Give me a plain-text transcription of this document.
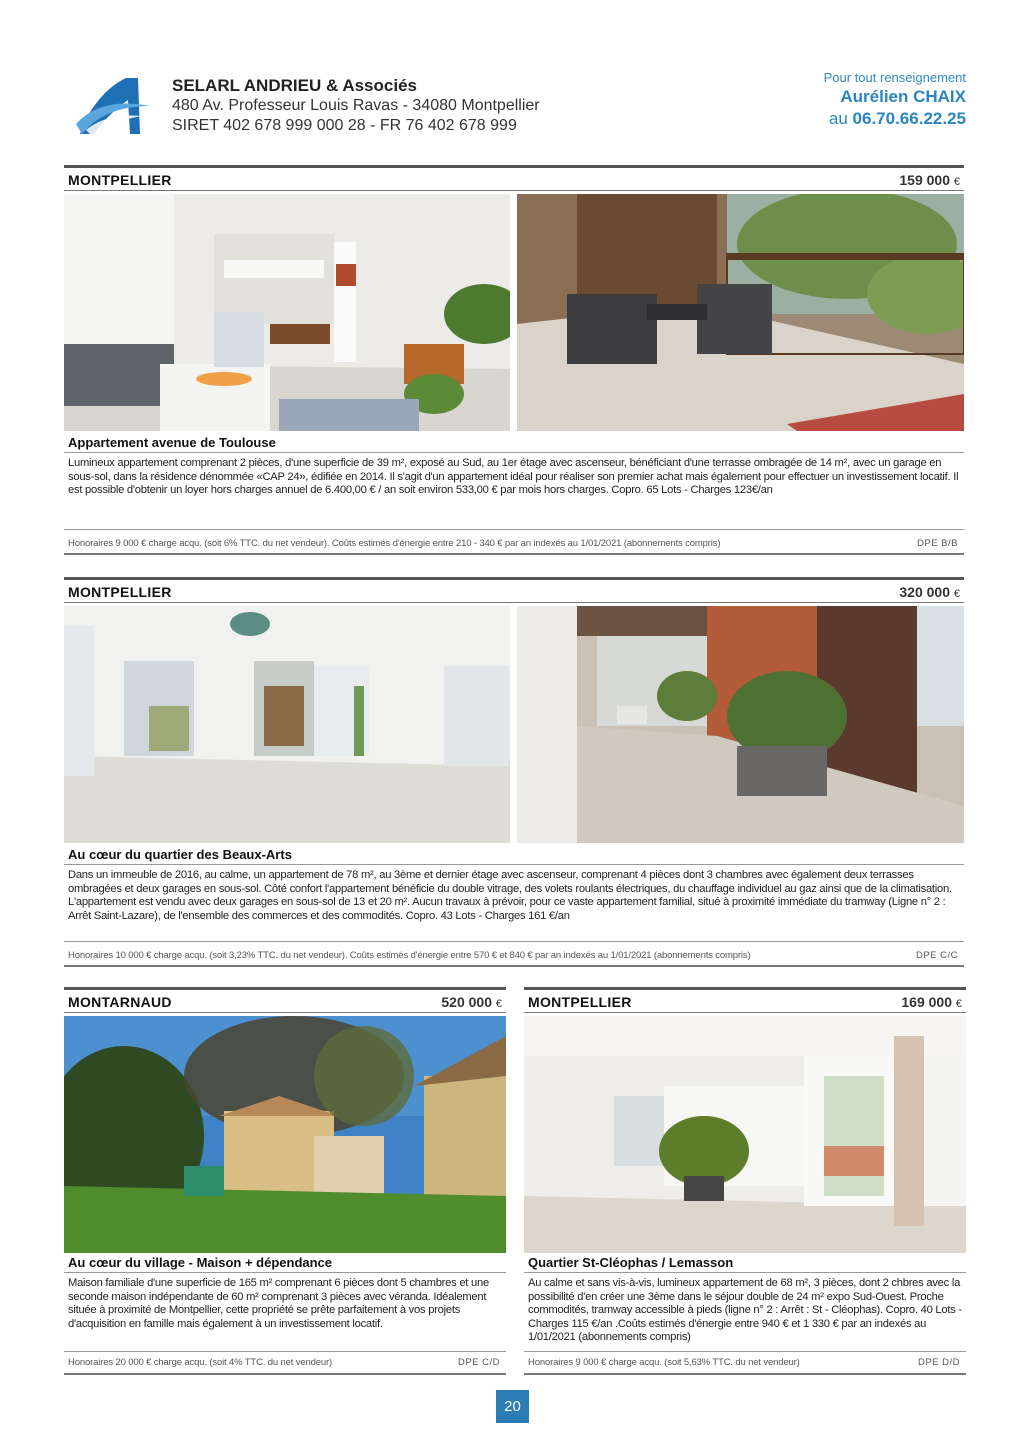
SELARL ANDRIEU & Associés
480 Av. Professeur Louis Ravas - 34080 Montpellier
SIRET 402 678 999 000 28 - FR 76 402 678 999
Pour tout renseignement
Aurélien CHAIX
au 06.70.66.22.25
MONTPELLIER	159 000 €
Appartement avenue de Toulouse
Lumineux appartement comprenant 2 pièces, d'une superficie de 39 m², exposé au Sud, au 1er étage avec ascenseur, bénéficiant d'une terrasse ombragée de 14 m², avec un garage en sous-sol, dans la résidence dénommée «CAP 24», édifiée en 2014. Il s'agit d'un appartement idéal pour réaliser son premier achat mais également pour effectuer un investissement locatif. Il est possible d'obtenir un loyer hors charges annuel de 6.400,00 € / an soit environ 533,00 € par mois hors charges. Copro. 65 Lots - Charges 123€/an
Honoraires 9 000 € charge acqu. (soit 6% TTC. du net vendeur). Coûts estimés d'énergie entre 210 - 340 € par an indexés au 1/01/2021 (abonnements compris)	DPE B/B
MONTPELLIER	320 000 €
Au cœur du quartier des Beaux-Arts
Dans un immeuble de 2016, au calme, un appartement de 78 m², au 3ème et dernier étage avec ascenseur, comprenant 4 pièces dont 3 chambres avec également deux terrasses ombragées et deux garages en sous-sol. Côté confort l'appartement bénéficie du double vitrage, des volets roulants électriques, du chauffage individuel au gaz ainsi que de la climatisation. L'appartement est vendu avec deux garages en sous-sol de 13 et 20 m². Aucun travaux à prévoir, pour ce vaste appartement familial, situé à proximité immédiate du tramway (Ligne n° 2 : Arrêt Saint-Lazare), de l'ensemble des commerces et des commodités. Copro. 43 Lots - Charges 161 €/an
Honoraires 10 000 € charge acqu. (soit 3,23% TTC. du net vendeur). Coûts estimés d'énergie entre 570 € et 840 € par an indexés au 1/01/2021 (abonnements compris)	DPE C/C
MONTARNAUD	520 000 €
Au cœur du village - Maison + dépendance
Maison familiale d'une superficie de 165 m² comprenant 6 pièces dont 5 chambres et une seconde maison indépendante de 60 m² comprenant 3 pièces avec véranda. Idéalement située à proximité de Montpellier, cette propriété se prête parfaitement à vos projets d'acquisition en famille mais également à un investissement locatif.
Honoraires 20 000 € charge acqu. (soit 4% TTC. du net vendeur)	DPE C/D
MONTPELLIER	169 000 €
Quartier St-Cléophas / Lemasson
Au calme et sans vis-à-vis, lumineux appartement de 68 m², 3 pièces, dont 2 chbres avec la possibilité d'en créer une 3ème dans le séjour double de 24 m² expo Sud-Ouest. Proche commodités, tramway accessible à pieds (ligne n° 2 : Arrêt : St - Cléophas). Copro. 40 Lots - Charges 115 €/an .Coûts estimés d'énergie entre 940 € et 1 330 € par an indexés au 1/01/2021 (abonnements compris)
Honoraires 9 000 € charge acqu. (soit 5,63% TTC. du net vendeur)	DPE D/D
20
